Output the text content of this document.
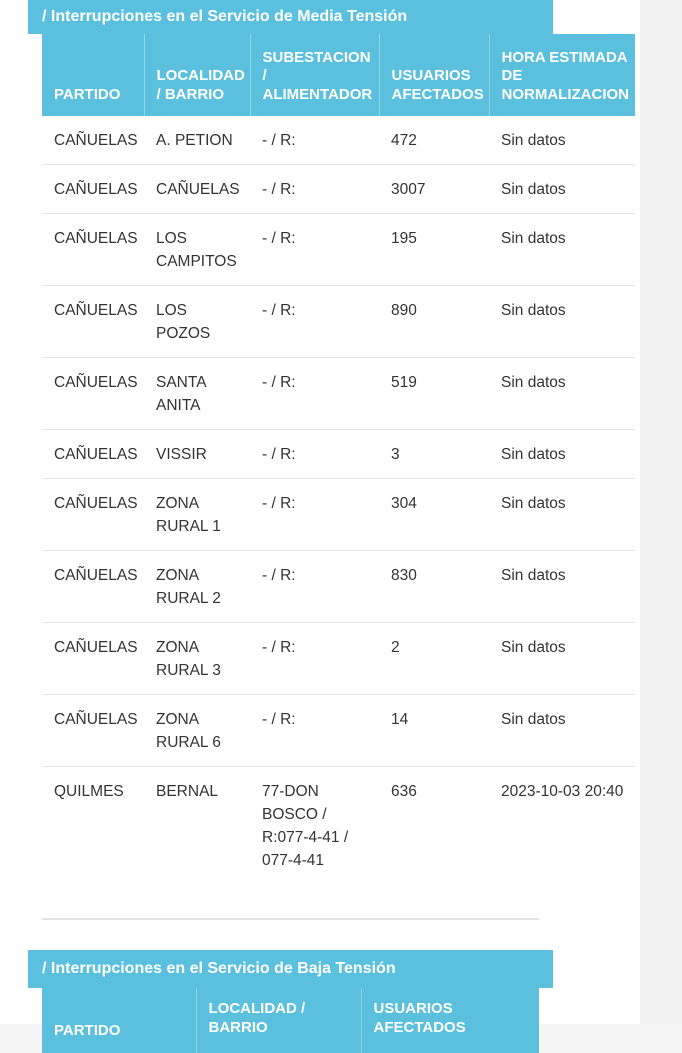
/ Interrupciones en el Servicio de Media Tensión
PARTIDO	LOCALIDAD / BARRIO	SUBESTACION / ALIMENTADOR	USUARIOS AFECTADOS	HORA ESTIMADA DE NORMALIZACION
CAÑUELAS	A. PETION	- / R:	472	Sin datos
CAÑUELAS	CAÑUELAS	- / R:	3007	Sin datos
CAÑUELAS	LOS CAMPITOS	- / R:	195	Sin datos
CAÑUELAS	LOS POZOS	- / R:	890	Sin datos
CAÑUELAS	SANTA ANITA	- / R:	519	Sin datos
CAÑUELAS	VISSIR	- / R:	3	Sin datos
CAÑUELAS	ZONA RURAL 1	- / R:	304	Sin datos
CAÑUELAS	ZONA RURAL 2	- / R:	830	Sin datos
CAÑUELAS	ZONA RURAL 3	- / R:	2	Sin datos
CAÑUELAS	ZONA RURAL 6	- / R:	14	Sin datos
QUILMES	BERNAL	77-DON BOSCO / R:077-4-41 / 077-4-41	636	2023-10-03 20:40
/ Interrupciones en el Servicio de Baja Tensión
PARTIDO	LOCALIDAD / BARRIO	USUARIOS AFECTADOS
